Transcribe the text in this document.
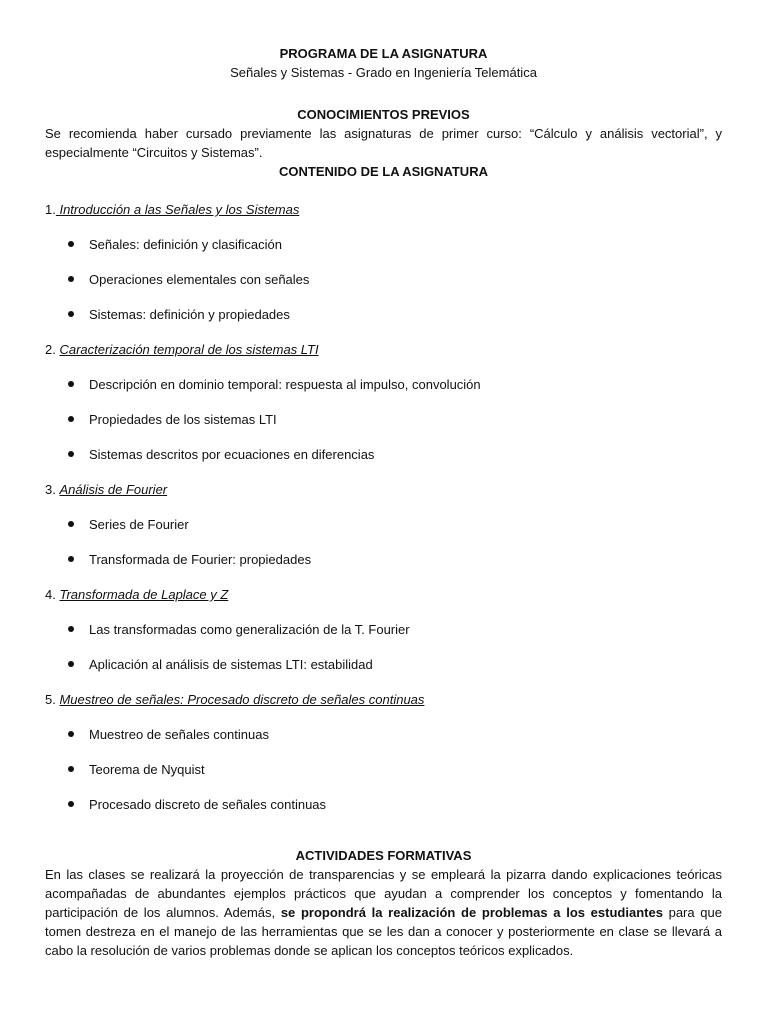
PROGRAMA DE LA ASIGNATURA
Señales y Sistemas - Grado en Ingeniería Telemática
CONOCIMIENTOS PREVIOS
Se recomienda haber cursado previamente las asignaturas de primer curso: “Cálculo y análisis vectorial”, y especialmente “Circuitos y Sistemas”.
CONTENIDO DE LA ASIGNATURA
1. Introducción a las Señales y los Sistemas
Señales: definición y clasificación
Operaciones elementales con señales
Sistemas: definición y propiedades
2. Caracterización temporal de los sistemas LTI
Descripción en dominio temporal: respuesta al impulso, convolución
Propiedades de los sistemas LTI
Sistemas descritos por ecuaciones en diferencias
3. Análisis de Fourier
Series de Fourier
Transformada de Fourier: propiedades
4. Transformada de Laplace y Z
Las transformadas como generalización de la T. Fourier
Aplicación al análisis de sistemas LTI: estabilidad
5. Muestreo de señales: Procesado discreto de señales continuas
Muestreo de señales continuas
Teorema de Nyquist
Procesado discreto de señales continuas
ACTIVIDADES FORMATIVAS
En las clases se realizará la proyección de transparencias y se empleará la pizarra dando explicaciones teóricas acompañadas de abundantes ejemplos prácticos que ayudan a comprender los conceptos y fomentando la participación de los alumnos. Además, se propondrá la realización de problemas a los estudiantes para que tomen destreza en el manejo de las herramientas que se les dan a conocer y posteriormente en clase se llevará a cabo la resolución de varios problemas donde se aplican los conceptos teóricos explicados.
